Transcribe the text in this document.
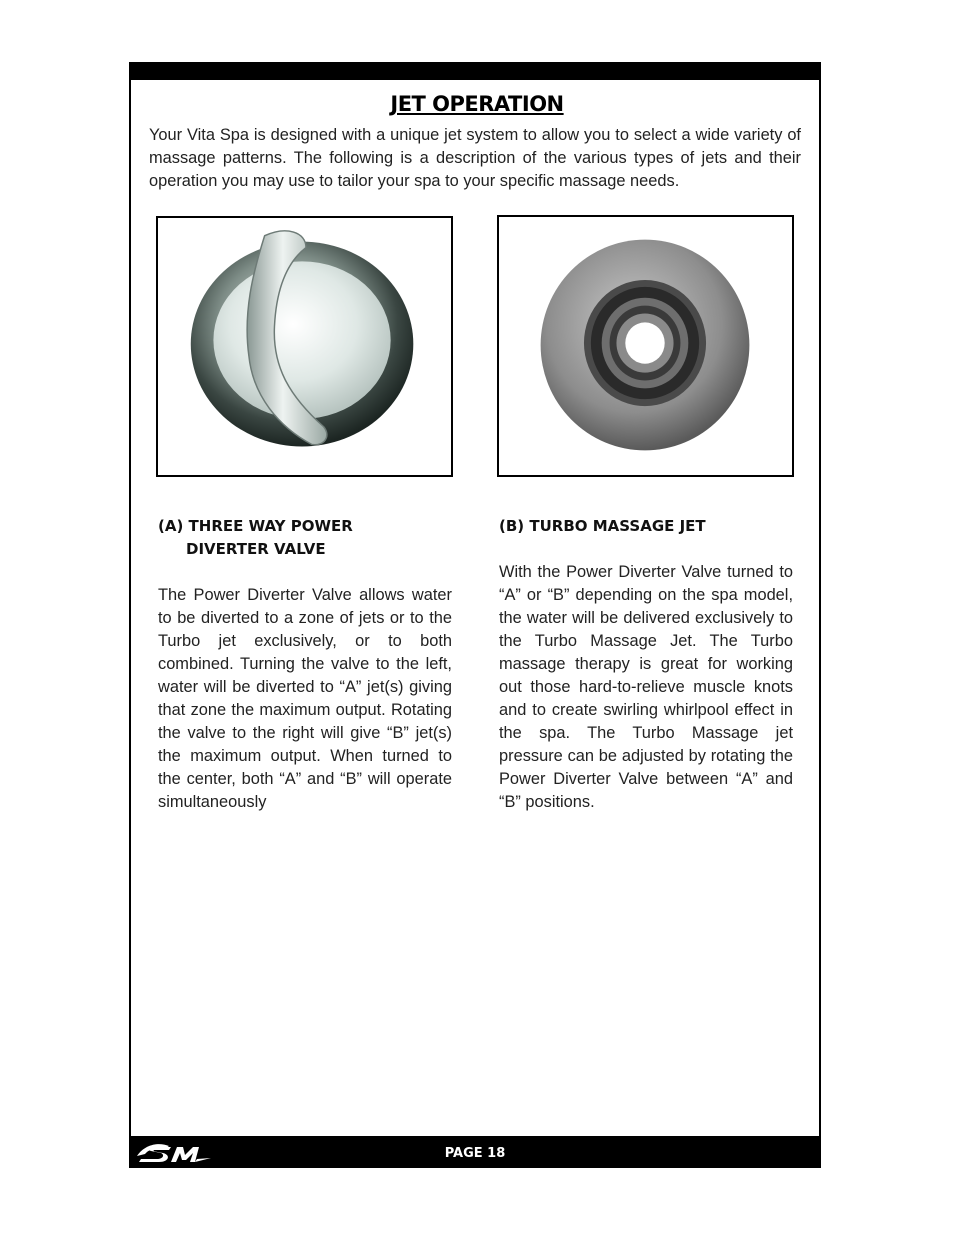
JET OPERATION
Your Vita Spa is designed with a unique jet system to allow you to select a wide variety of massage patterns. The following is a description of the various types of jets and their operation you may use to tailor your spa to your specific massage needs.
(A) THREE WAY POWER
DIVERTER VALVE
The Power Diverter Valve allows water to be diverted to a zone of jets or to the Turbo jet exclusively, or to both combined. Turning the valve to the left, water will be diverted to “A” jet(s) giving that zone the maximum output. Rotating the valve to the right will give “B” jet(s) the maximum output. When turned to the center, both “A” and “B” will operate simultaneously
(B) TURBO MASSAGE JET
With the Power Diverter Valve turned to “A” or “B” depending on the spa model, the water will be delivered exclusively to the Turbo Massage Jet. The Turbo massage therapy is great for working out those hard-to-relieve muscle knots and to create swirling whirlpool effect in the spa. The Turbo Massage jet pressure can be adjusted by rotating the Power Diverter Valve between “A” and “B” positions.
PAGE 18
